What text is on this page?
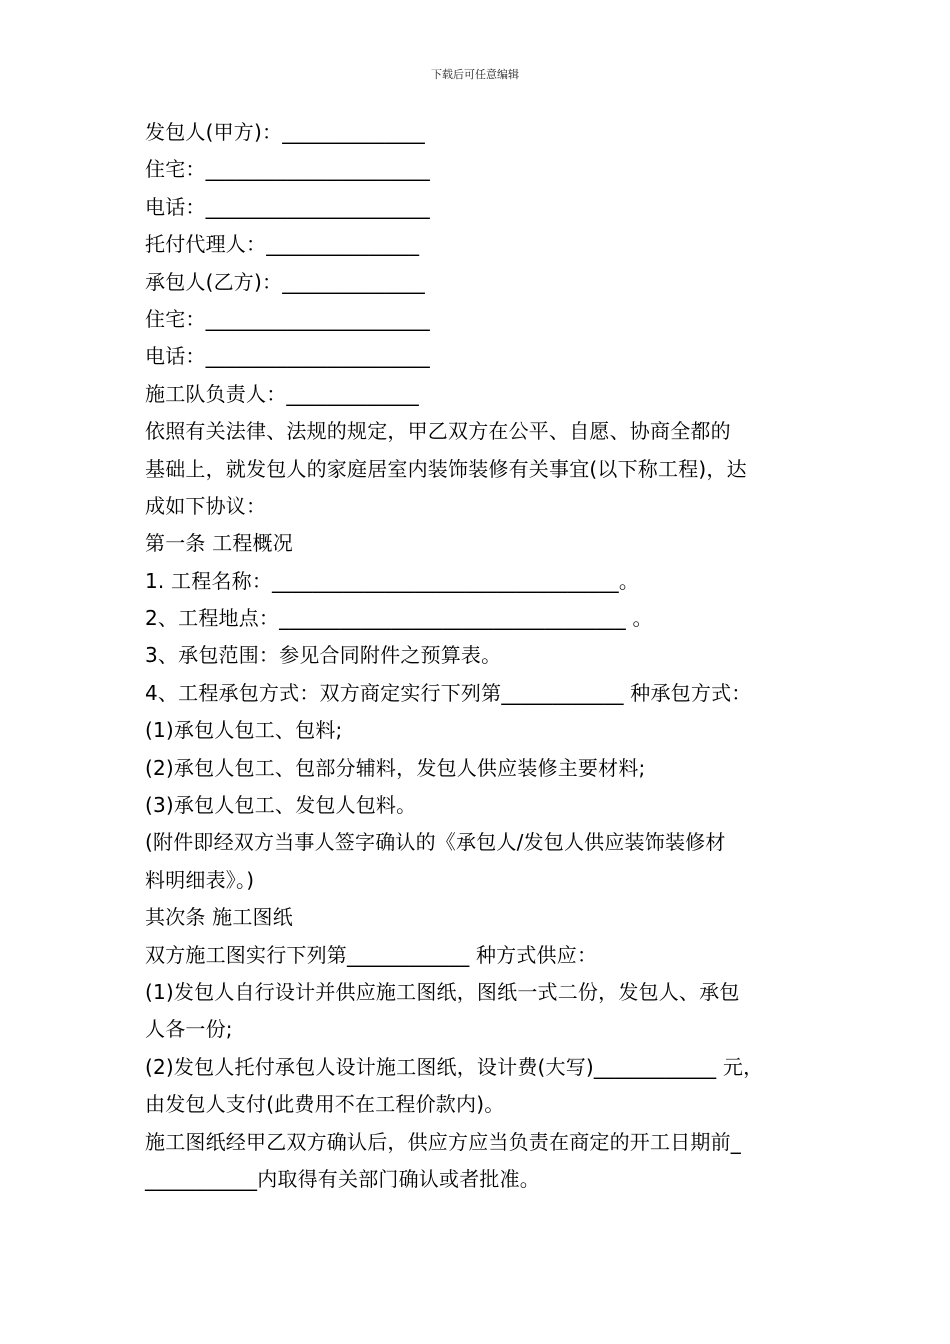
下载后可任意编辑
发包人(甲方)：______________
住宅：______________________
电话：______________________
托付代理人：_______________
承包人(乙方)：______________
住宅：______________________
电话：______________________
施工队负责人：_____________
依照有关法律、法规的规定，甲乙双方在公平、自愿、协商全都的
基础上，就发包人的家庭居室内装饰装修有关事宜(以下称工程)，达
成如下协议：
第一条 工程概况
1. 工程名称：__________________________________。
2、工程地点：__________________________________ 。
3、承包范围：参见合同附件之预算表。
4、工程承包方式：双方商定实行下列第____________ 种承包方式：
(1)承包人包工、包料;
(2)承包人包工、包部分辅料，发包人供应装修主要材料;
(3)承包人包工、发包人包料。
(附件即经双方当事人签字确认的《承包人/发包人供应装饰装修材
料明细表》。)
其次条 施工图纸
双方施工图实行下列第____________ 种方式供应：
(1)发包人自行设计并供应施工图纸，图纸一式二份，发包人、承包
人各一份;
(2)发包人托付承包人设计施工图纸，设计费(大写)____________ 元，
由发包人支付(此费用不在工程价款内)。
施工图纸经甲乙双方确认后，供应方应当负责在商定的开工日期前_
___________内取得有关部门确认或者批准。
